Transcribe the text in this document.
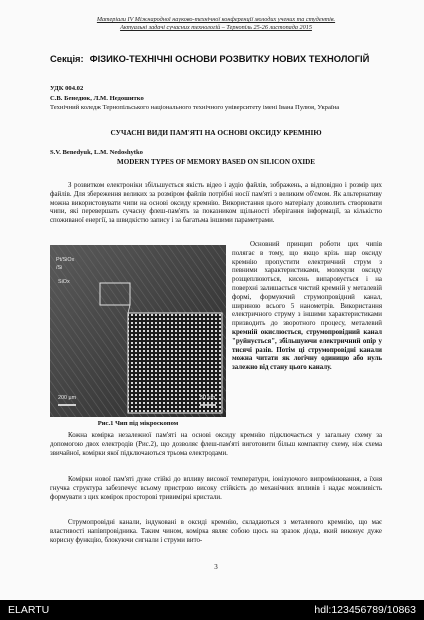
Матеріали IV Міжнародної науково-технічної конференції молодих учених та студентів.
Актуальні задачі сучасних технологій – Тернопіль 25-26 листопада 2015
Секція: ФІЗИКО-ТЕХНІЧНІ ОСНОВИ РОЗВИТКУ НОВИХ ТЕХНОЛОГІЙ
УДК 004.02
С.В. Бенедюк, Л.М. Недошитко
Технічний коледж Тернопільського національного технічного університету імені Івана Пулюя, Україна
СУЧАСНІ ВИДИ ПАМ'ЯТІ НА ОСНОВІ ОКСИДУ КРЕМНІЮ
S.V. Benedyuk, L.M. Nedoshytko
MODERN TYPES OF MEMORY BASED ON SILICON OXIDE
З розвитком електроніки збільшується якість відео і аудіо файлів, зображень, а відповідно і розмір цих файлів. Для збереження великих за розміром файлів потрібні носії пам'яті з великим об'ємом. Як альтернативу можна використовувати чипи на основі оксиду кремнію. Використання цього матеріалу дозволить створювати чипи, які перевершать сучасну флеш-пам'ять за показником щільності зберігання інформації, за кількістю споживаної енергії, за швидкістю запису і за багатьма іншими параметрами.
Pt/SiOx
/Si
SiOx
200 µm	50 µm
Рис.1 Чип під мікроскопом
Основний принцип роботи цих чипів полягає в тому, що якщо крізь шар оксиду кремнію пропустити електричний струм з певними характеристиками, молекули оксиду розщеплюються, кисень випаровується і на поверхні залишається чистий кремній у металевій формі, формуючий струмопровідний канал, шириною всього 5 нанометрів. Використання електричного струму з іншими характеристиками призводить до зворотного процесу, металевий кремній окислюється, струмопровідний канал "руйнується", збільшуючи електричний опір у тисячі разів. Потім ці струмопровідні канали можна читати як логічну одиницю або нуль залежно від стану цього каналу.
Кожна комірка незалежної пам'яті на основі оксиду кремнію підключається у загальну схему за допомогою двох електродів (Рис.2), що дозволяє флеш-пам'яті виготовити більш компактну схему, ніж схема звичайної, комірки якої підключаються трьома електродами.
Комірки нової пам'яті дуже стійкі до впливу високої температури, іонізуючого випромінювання, а їхня гнучка структура забезпечує всьому пристрою високу стійкість до механічних впливів і надає можливість формувати з цих комірок просторові тривимірні кристали.
Струмопровідні канали, індуковані в оксиді кремнію, складаються з металевого кремнію, що має властивості напівпровідника. Таким чином, комірка являє собою щось на зразок діода, який виконує дуже корисну функцію, блокуючи сигнали і струми вито-
3
ELARTU	hdl:123456789/10863
